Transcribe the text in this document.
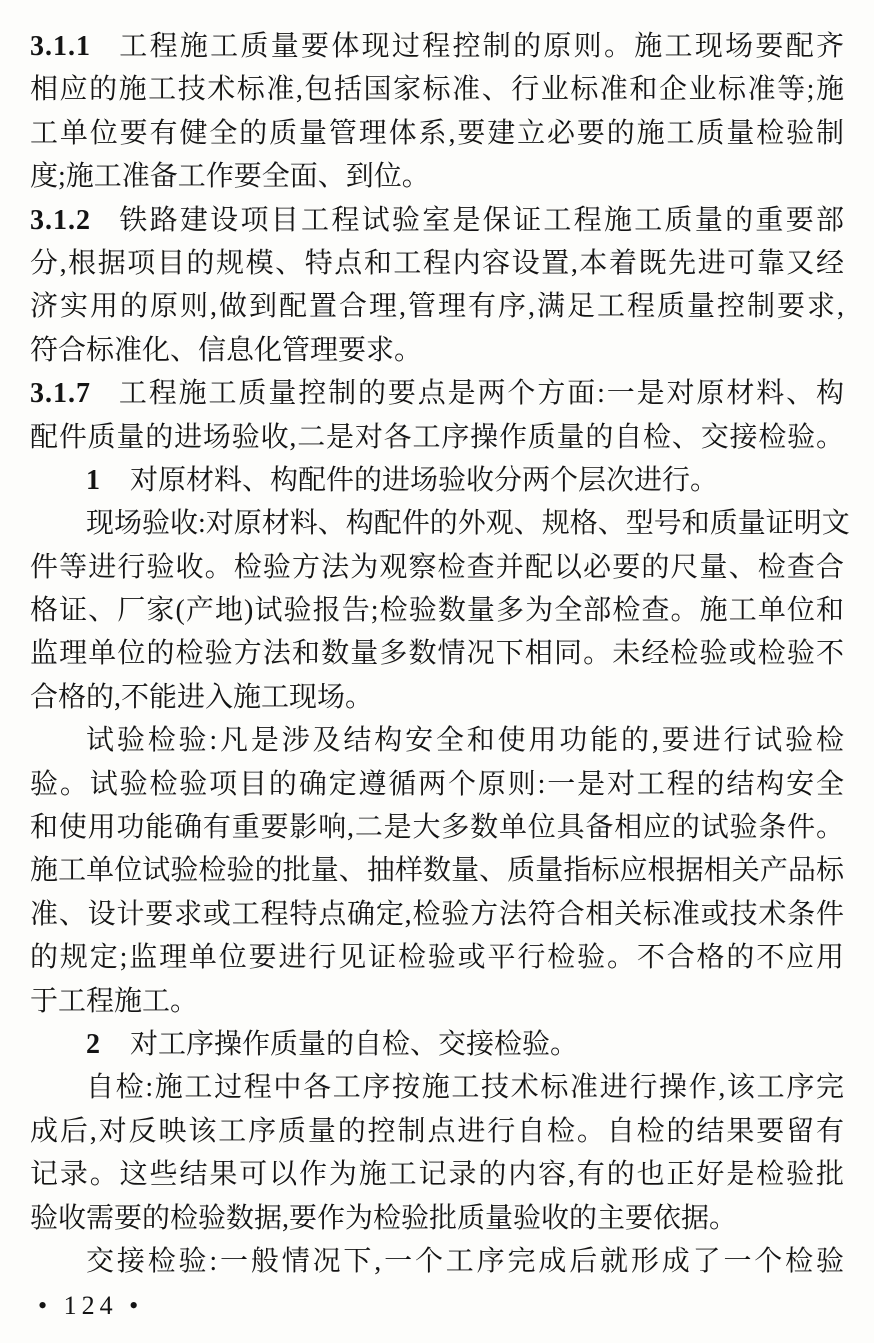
3.1.1 工程施工质量要体现过程控制的原则。施工现场要配齐
相应的施工技术标准,包括国家标准、行业标准和企业标准等;施
工单位要有健全的质量管理体系,要建立必要的施工质量检验制
度;施工准备工作要全面、到位。
3.1.2 铁路建设项目工程试验室是保证工程施工质量的重要部
分,根据项目的规模、特点和工程内容设置,本着既先进可靠又经
济实用的原则,做到配置合理,管理有序,满足工程质量控制要求,
符合标准化、信息化管理要求。
3.1.7 工程施工质量控制的要点是两个方面:一是对原材料、构
配件质量的进场验收,二是对各工序操作质量的自检、交接检验。
1 对原材料、构配件的进场验收分两个层次进行。
现场验收:对原材料、构配件的外观、规格、型号和质量证明文
件等进行验收。检验方法为观察检查并配以必要的尺量、检查合
格证、厂家(产地)试验报告;检验数量多为全部检查。施工单位和
监理单位的检验方法和数量多数情况下相同。未经检验或检验不
合格的,不能进入施工现场。
试验检验:凡是涉及结构安全和使用功能的,要进行试验检
验。试验检验项目的确定遵循两个原则:一是对工程的结构安全
和使用功能确有重要影响,二是大多数单位具备相应的试验条件。
施工单位试验检验的批量、抽样数量、质量指标应根据相关产品标
准、设计要求或工程特点确定,检验方法符合相关标准或技术条件
的规定;监理单位要进行见证检验或平行检验。不合格的不应用
于工程施工。
2 对工序操作质量的自检、交接检验。
自检:施工过程中各工序按施工技术标准进行操作,该工序完
成后,对反映该工序质量的控制点进行自检。自检的结果要留有
记录。这些结果可以作为施工记录的内容,有的也正好是检验批
验收需要的检验数据,要作为检验批质量验收的主要依据。
交接检验:一般情况下,一个工序完成后就形成了一个检验
• 124 •
